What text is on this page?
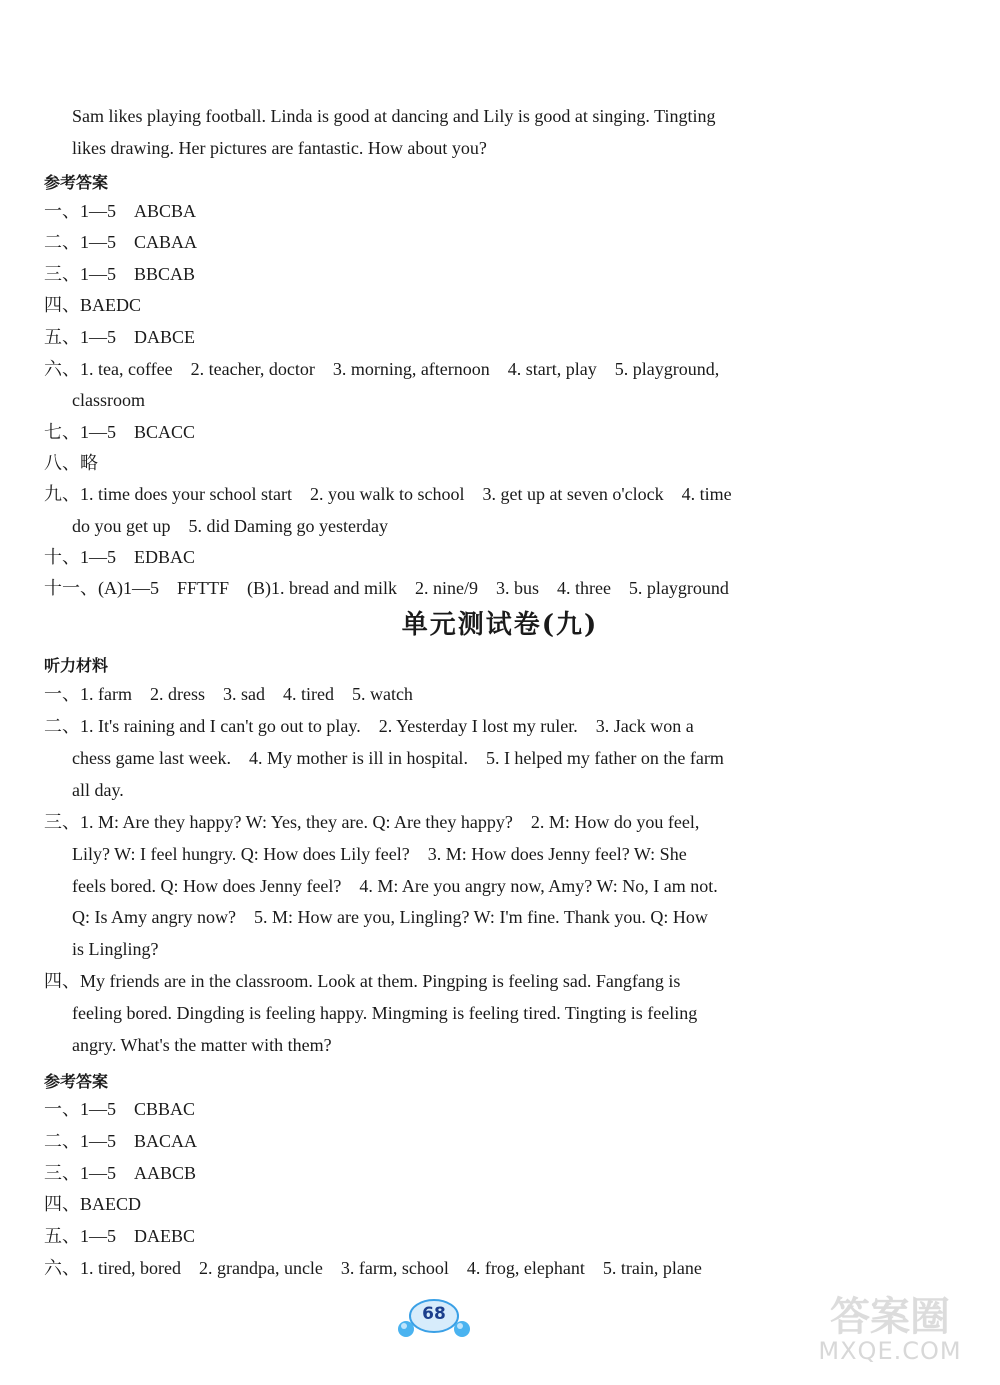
Sam likes playing football. Linda is good at dancing and Lily is good at singing. Tingting
likes drawing. Her pictures are fantastic. How about you?
参考答案
一、1—5　ABCBA
二、1—5　CABAA
三、1—5　BBCAB
四、BAEDC
五、1—5　DABCE
六、1. tea, coffee　2. teacher, doctor　3. morning, afternoon　4. start, play　5. playground,
classroom
七、1—5　BCACC
八、略
九、1. time does your school start　2. you walk to school　3. get up at seven o'clock　4. time
do you get up　5. did Daming go yesterday
十、1—5　EDBAC
十一、(A)1—5　FFTTF　(B)1. bread and milk　2. nine/9　3. bus　4. three　5. playground
单元测试卷(九)
听力材料
一、1. farm　2. dress　3. sad　4. tired　5. watch
二、1. It's raining and I can't go out to play.　2. Yesterday I lost my ruler.　3. Jack won a
chess game last week.　4. My mother is ill in hospital.　5. I helped my father on the farm
all day.
三、1. M: Are they happy? W: Yes, they are. Q: Are they happy?　2. M: How do you feel,
Lily? W: I feel hungry. Q: How does Lily feel?　3. M: How does Jenny feel? W: She
feels bored. Q: How does Jenny feel?　4. M: Are you angry now, Amy? W: No, I am not.
Q: Is Amy angry now?　5. M: How are you, Lingling? W: I'm fine. Thank you. Q: How
is Lingling?
四、My friends are in the classroom. Look at them. Pingping is feeling sad. Fangfang is
feeling bored. Dingding is feeling happy. Mingming is feeling tired. Tingting is feeling
angry. What's the matter with them?
参考答案
一、1—5　CBBAC
二、1—5　BACAA
三、1—5　AABCB
四、BAECD
五、1—5　DAEBC
六、1. tired, bored　2. grandpa, uncle　3. farm, school　4. frog, elephant　5. train, plane
68	答案圈
MXQE.COM
